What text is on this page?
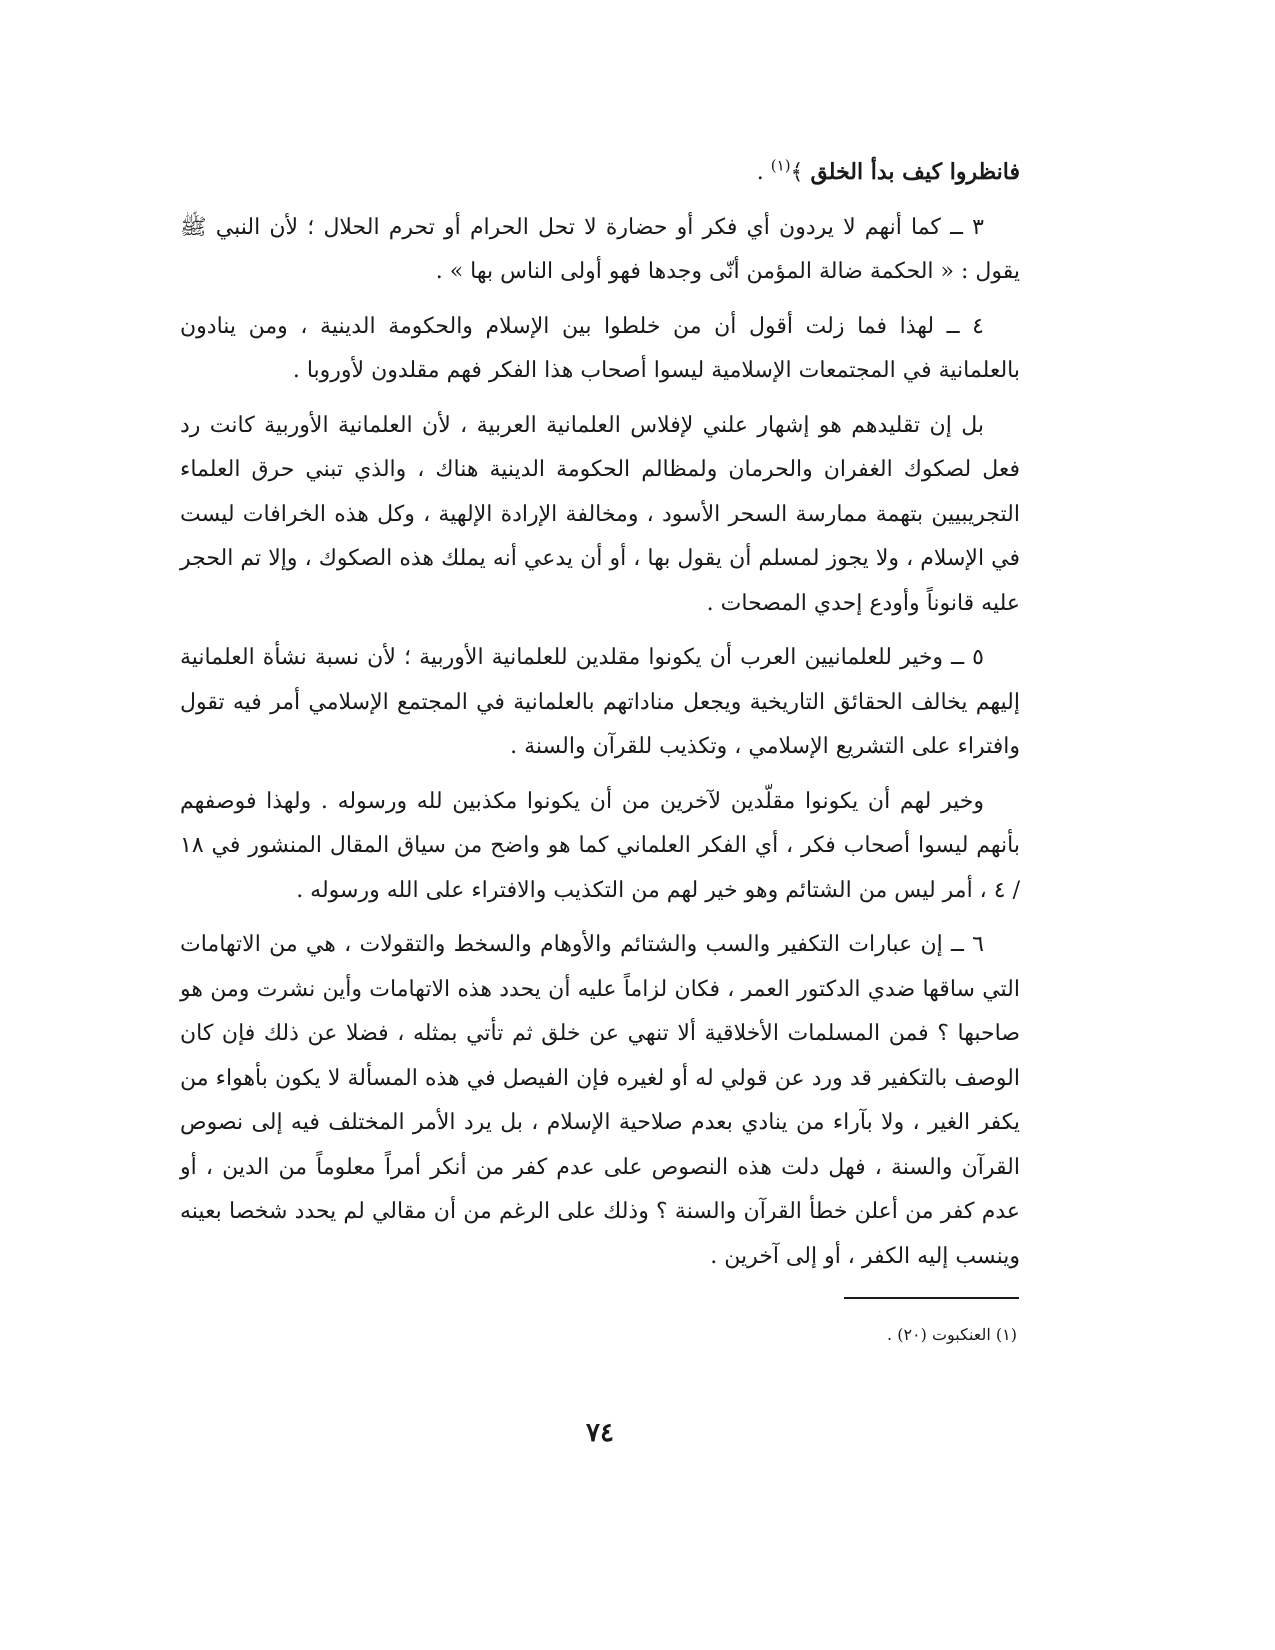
فانظروا كيف بدأ الخلق ﴾$^{(١)}$ .

٣ ــ كما أنهم لا يردون أي فكر أو حضارة لا تحل الحرام أو تحرم الحلال ؛ لأن النبي ﷺ يقول : « الحكمة ضالة المؤمن أنّى وجدها فهو أولى الناس بها » .

٤ ــ لهذا فما زلت أقول أن من خلطوا بين الإسلام والحكومة الدينية ، ومن ينادون بالعلمانية في المجتمعات الإسلامية ليسوا أصحاب هذا الفكر فهم مقلدون لأوروبا .

بل إن تقليدهم هو إشهار علني لإفلاس العلمانية العربية ، لأن العلمانية الأوربية كانت رد فعل لصكوك الغفران والحرمان ولمظالم الحكومة الدينية هناك ، والذي تبني حرق العلماء التجريبيين بتهمة ممارسة السحر الأسود ، ومخالفة الإرادة الإلهية ، وكل هذه الخرافات ليست في الإسلام ، ولا يجوز لمسلم أن يقول بها ، أو أن يدعي أنه يملك هذه الصكوك ، وإلا تم الحجر عليه قانوناً وأودع إحدي المصحات .

٥ ــ وخير للعلمانيين العرب أن يكونوا مقلدين للعلمانية الأوربية ؛ لأن نسبة نشأة العلمانية إليهم يخالف الحقائق التاريخية ويجعل مناداتهم بالعلمانية في المجتمع الإسلامي أمر فيه تقول وافتراء على التشريع الإسلامي ، وتكذيب للقرآن والسنة .

وخير لهم أن يكونوا مقلّدين لآخرين من أن يكونوا مكذبين لله ورسوله . ولهذا فوصفهم بأنهم ليسوا أصحاب فكر ، أي الفكر العلماني كما هو واضح من سياق المقال المنشور في ١٨ / ٤ ، أمر ليس من الشتائم وهو خير لهم من التكذيب والافتراء على الله ورسوله .

٦ ــ إن عبارات التكفير والسب والشتائم والأوهام والسخط والتقولات ، هي من الاتهامات التي ساقها ضدي الدكتور العمر ، فكان لزاماً عليه أن يحدد هذه الاتهامات وأين نشرت ومن هو صاحبها ؟ فمن المسلمات الأخلاقية ألا تنهي عن خلق ثم تأتي بمثله ، فضلا عن ذلك فإن كان الوصف بالتكفير قد ورد عن قولي له أو لغيره فإن الفيصل في هذه المسألة لا يكون بأهواء من يكفر الغير ، ولا بآراء من ينادي بعدم صلاحية الإسلام ، بل يرد الأمر المختلف فيه إلى نصوص القرآن والسنة ، فهل دلت هذه النصوص على عدم كفر من أنكر أمراً معلوماً من الدين ، أو عدم كفر من أعلن خطأ القرآن والسنة ؟ وذلك على الرغم من أن مقالي لم يحدد شخصا بعينه وينسب إليه الكفر ، أو إلى آخرين .

(١) العنكبوت (٢٠) .
٧٤
